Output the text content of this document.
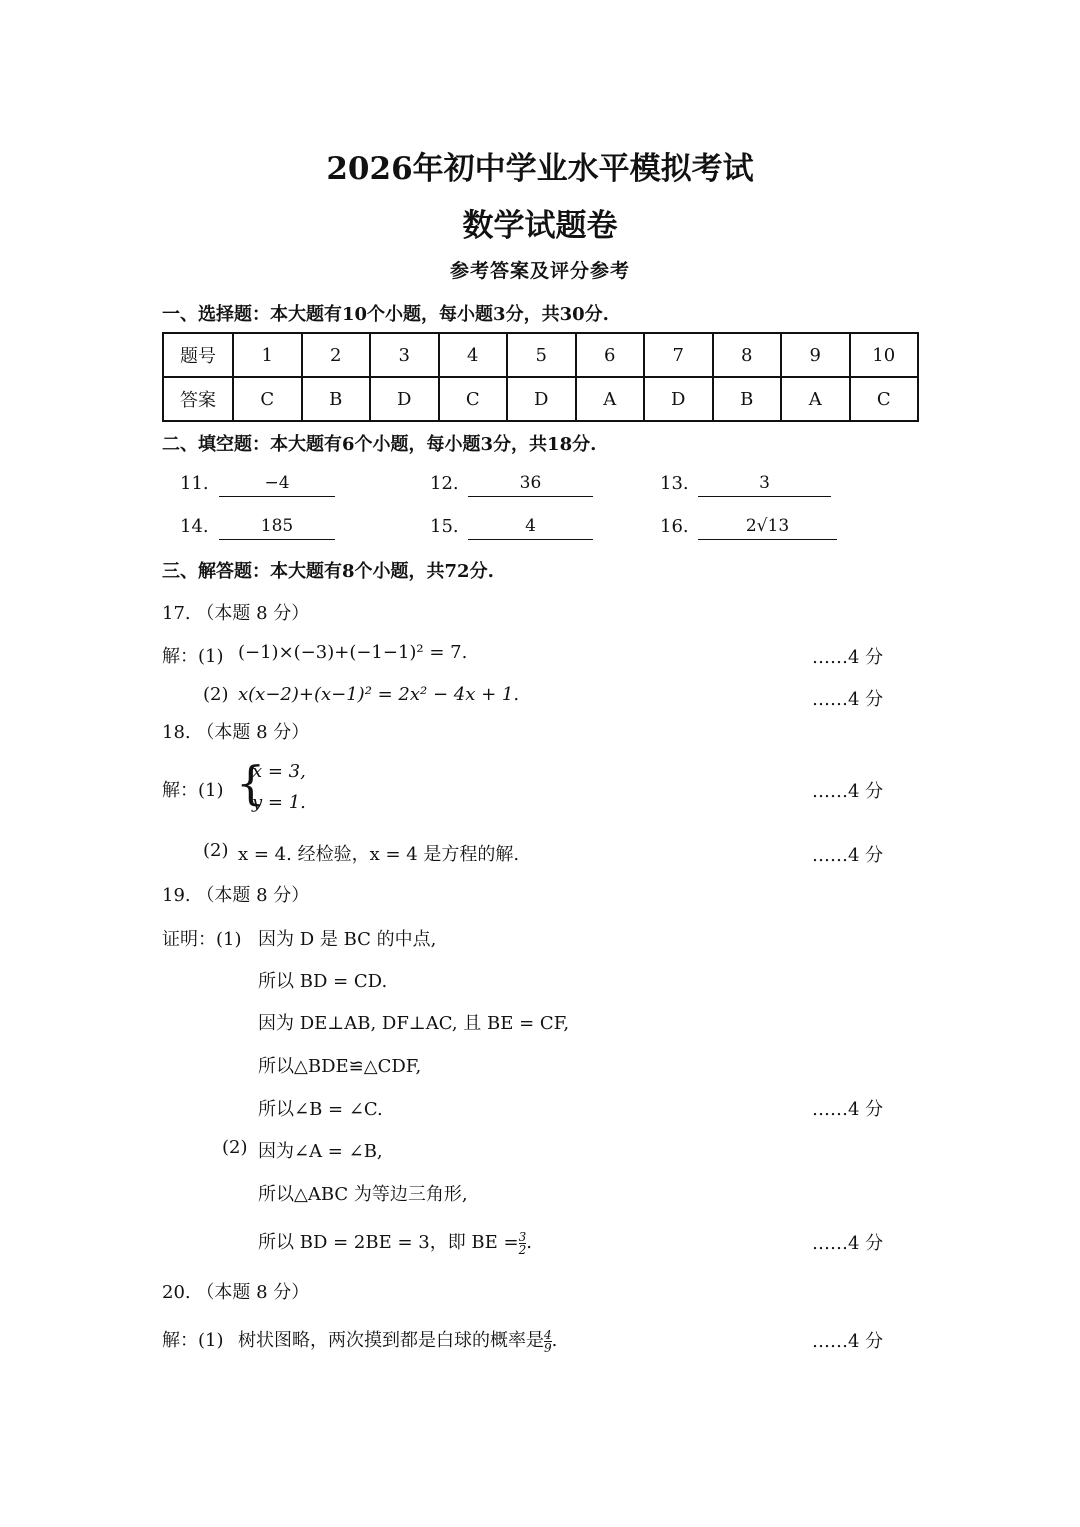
2026年初中学业水平模拟考试
数学试题卷
参考答案及评分参考
一、选择题：本大题有10个小题，每小题3分，共30分.
题号	1	2	3	4	5	6	7	8	9	10
答案	C	B	D	C	D	A	D	B	A	C
二、填空题：本大题有6个小题，每小题3分，共18分.
11.	−4	12.	36	13.	3
14.	185	15.	4	16.	2√13
三、解答题：本大题有8个小题，共72分.
17. （本题 8 分）
解：(1) (−1)×(−3)+(−1−1)² = 7.	……4 分
(2) x(x−2)+(x−1)² = 2x² − 4x + 1.	……4 分
18. （本题 8 分）
解：(1) {
x = 3,
y = 1.
……4 分
(2) x = 4. 经检验，x = 4 是方程的解.	……4 分
19. （本题 8 分）
证明：(1) 因为 D 是 BC 的中点,
所以 BD = CD.
因为 DE⊥AB, DF⊥AC, 且 BE = CF,
所以△BDE≌△CDF,
所以∠B = ∠C.	……4 分
(2) 因为∠A = ∠B,
所以△ABC 为等边三角形,
所以 BD = 2BE = 3，即 BE = $\frac{3}{2}$ .	……4 分
20. （本题 8 分）
解：(1) 树状图略，两次摸到都是白球的概率是 $\frac{4}{9}$ .	……4 分
